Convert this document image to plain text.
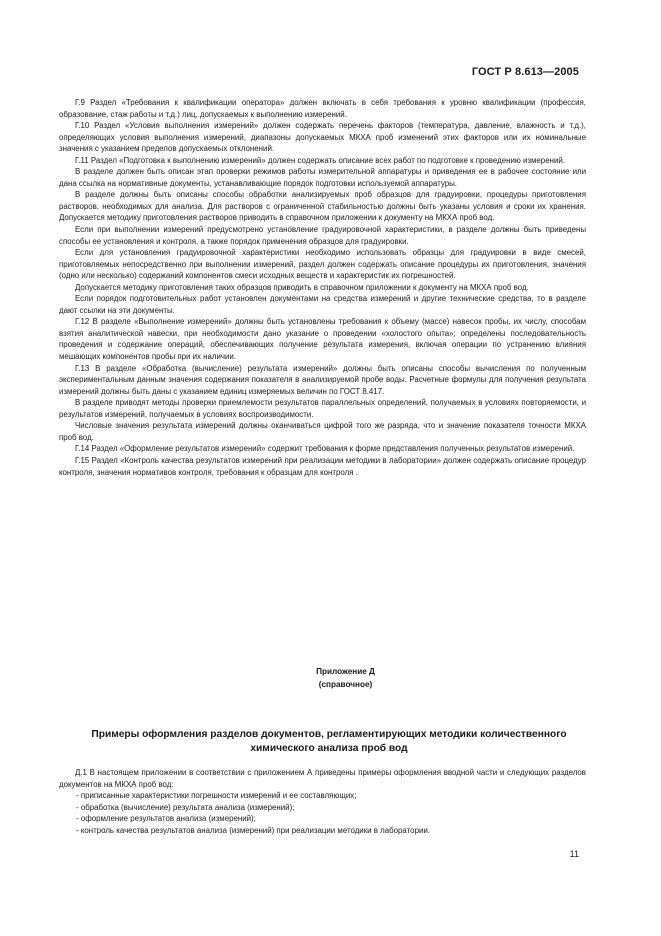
ГОСТ Р 8.613—2005

Г.9 Раздел «Требования к квалификации оператора» должен включать в себя требования к уровню квалификации (профессия, образование, стаж работы и т.д.) лиц, допускаемых к выполнению измерений.

Г.10 Раздел «Условия выполнения измерений» должен содержать перечень факторов (температура, давление, влажность и т.д.), определяющих условия выполнения измерений, диапазоны допускаемых МКХА проб изменений этих факторов или их номинальные значения с указанием пределов допускаемых отклонений.

Г.11 Раздел «Подготовка к выполнению измерений» должен содержать описание всех работ по подготовке к проведению измерений.

В разделе должен быть описан этап проверки режимов работы измерительной аппаратуры и приведения ее в рабочее состояние или дана ссылка на нормативные документы, устанавливающие порядок подготовки используемой аппаратуры.

В разделе должны быть описаны способы обработки анализируемых проб образцов для градуировки, процедуры приготовления растворов, необходимых для анализа. Для растворов с ограниченной стабильностью должны быть указаны условия и сроки их хранения. Допускается методику приготовления растворов приводить в справочном приложении к документу на МКХА проб вод.

Если при выполнении измерений предусмотрено установление градуировочной характеристики, в разделе должны быть приведены способы ее установления и контроля, а также порядок применения образцов для градуировки.

Если для установления градуировочной характеристики необходимо использовать образцы для градуировки в виде смесей, приготовляемых непосредственно при выполнении измерений, раздел должен содержать описание процедуры их приготовления, значения (одно или несколько) содержаний компонентов смеси исходных веществ и характеристик их погрешностей.

Допускается методику приготовления таких образцов приводить в справочном приложении к документу на МКХА проб вод.

Если порядок подготовительных работ установлен документами на средства измерений и другие технические средства, то в разделе дают ссылки на эти документы.

Г.12 В разделе «Выполнение измерений» должны быть установлены требования к объему (массе) навесок пробы, их числу, способам взятия аналитической навески, при необходимости дано указание о проведении «холостого опыта»; определены последовательность проведения и содержание операций, обеспечивающих получение результата измерения, включая операции по устранению влияния мешающих компонентов пробы при их наличии.

Г.13 В разделе «Обработка (вычисление) результата измерений» должны быть описаны способы вычисления по полученным экспериментальным данным значения содержания показателя в анализируемой пробе воды. Расчетные формулы для получения результата измерений должны быть даны с указанием единиц измеряемых величин по ГОСТ 8.417.

В разделе приводят методы проверки приемлемости результатов параллельных определений, получаемых в условиях повторяемости, и результатов измерений, получаемых в условиях воспроизводимости.

Числовые значения результата измерений должны оканчиваться цифрой того же разряда, что и значение показателя точности МКХА проб вод.

Г.14 Раздел «Оформление результатов измерений» содержит требования к форме представления полученных результатов измерений.

Г.15 Раздел «Контроль качества результатов измерений при реализации методики в лаборатории» должен содержать описание процедур контроля, значения нормативов контроля, требования к образцам для контроля .

Приложение Д
(справочное)
Примеры оформления разделов документов, регламентирующих методики количественного
химического анализа проб вод

Д.1 В настоящем приложении в соответствии с приложением А приведены примеры оформления вводной части и следующих разделов документов на МКХА проб вод:

- приписанные характеристики погрешности измерений и ее составляющих;
- обработка (вычисление) результата анализа (измерений);
- оформление результатов анализа (измерений);
- контроль качества результатов анализа (измерений) при реализации методики в лаборатории.
11
